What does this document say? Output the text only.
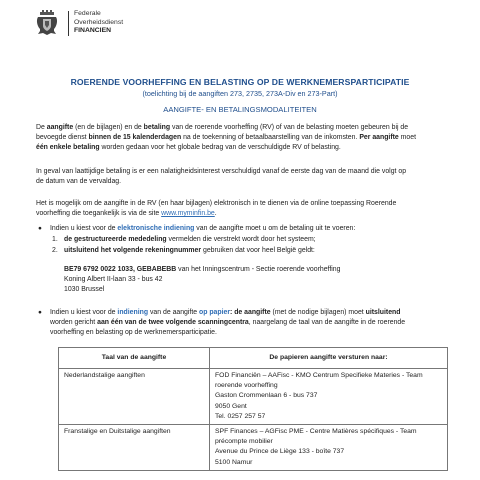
Federale
Overheidsdienst
FINANCIEN
ROERENDE VOORHEFFING EN BELASTING OP DE WERKNEMERSPARTICIPATIE
(toelichting bij de aangiften 273, 2735, 273A-Div en 273-Part)
AANGIFTE- EN BETALINGSMODALITEITEN
De aangifte (en de bijlagen) en de betaling van de roerende voorheffing (RV) of van de belasting moeten gebeuren bij de
bevoegde dienst binnen de 15 kalenderdagen na de toekenning of betaalbaarstelling van de inkomsten. Per aangifte moet
één enkele betaling worden gedaan voor het globale bedrag van de verschuldigde RV of belasting.
In geval van laattijdige betaling is er een nalatigheidsinterest verschuldigd vanaf de eerste dag van de maand die volgt op
de datum van de vervaldag.
Het is mogelijk om de aangifte in de RV (en haar bijlagen) elektronisch in te dienen via de online toepassing Roerende
voorheffing die toegankelijk is via de site www.myminfin.be.
● Indien u kiest voor de elektronische indiening van de aangifte moet u om de betaling uit te voeren:
1. de gestructureerde mededeling vermelden die verstrekt wordt door het systeem;
2. uitsluitend het volgende rekeningnummer gebruiken dat voor heel België geldt:
BE79 6792 0022 1033, GEBABEBB van het Inningscentrum - Sectie roerende voorheffing
Koning Albert II-laan 33 - bus 42
1030 Brussel
● Indien u kiest voor de indiening van de aangifte op papier: de aangifte (met de nodige bijlagen) moet uitsluitend
worden gericht aan één van de twee volgende scanningcentra, naargelang de taal van de aangifte in de roerende
voorheffing en belasting op de werknemersparticipatie.
Taal van de aangifte	De papieren aangifte versturen naar:
Nederlandstalige aangiften	FOD Financiën – AAFisc - KMO Centrum Specifieke Materies - Team
roerende voorheffing
Gaston Crommenlaan 6 - bus 737
9050 Gent
Tel. 0257 257 57

Franstalige en Duitstalige aangiften	SPF Finances – AGFisc PME - Centre Matières spécifiques - Team
précompte mobilier
Avenue du Prince de Liège 133 - boîte 737
5100 Namur
